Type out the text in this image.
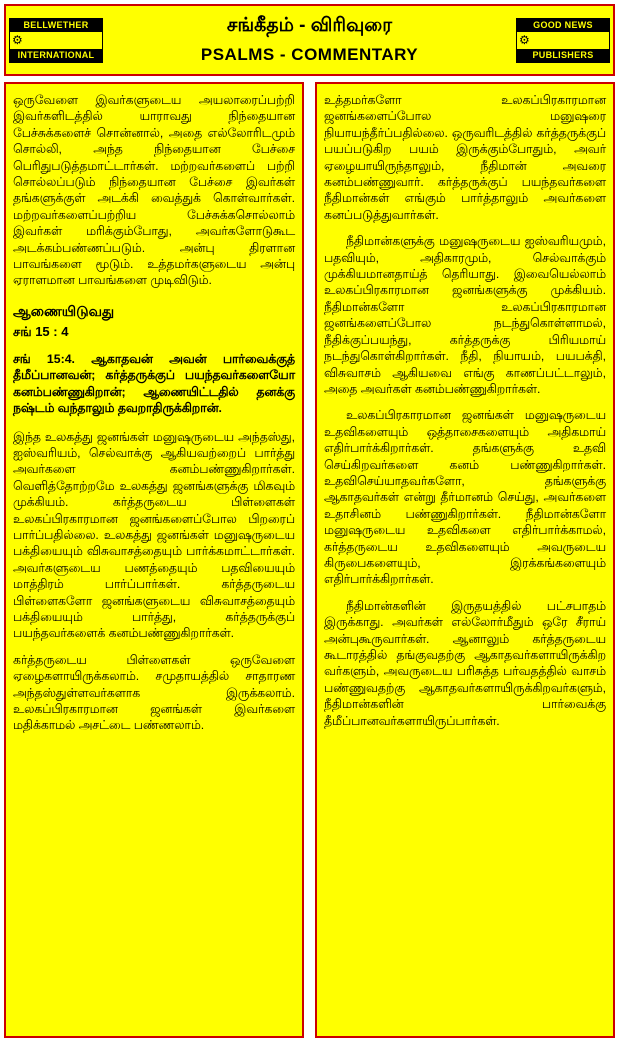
BELLWETHER
⚙
INTERNATIONAL
சங்கீதம் - விரிவுரை
PSALMS - COMMENTARY
GOOD NEWS
⚙
PUBLISHERS

ஒருவேளை இவர்களுடைய அயலாரைப்பற்றி இவர்களிடத்தில் யாராவது நிந்தையான பேச்சுக்களைச் சொன்னால், அதை எல்லோரிடமும் சொல்லி, அந்த நிந்தையான பேச்சை பெரிதுபடுத்தமாட்டார்கள். மற்றவர்களைப் பற்றி சொல்லப்படும் நிந்தையான பேச்சை இவர்கள் தங்களுக்குள் அடக்கி வைத்துக் கொள்வார்கள். மற்றவர்களைப்பற்றிய பேச்சுக்கசொல்லாம் இவர்கள் மரிக்கும்போது, அவர்களோடுகூட அடக்கம்பண்ணப்படும். அன்பு திரளான பாவங்களை மூடும். உத்தமர்களுடைய அன்பு ஏராளமான பாவங்களை முடிவிடும்.

ஆணையிடுவது
சங் 15 : 4
சங் 15:4. ஆகாதவன் அவன் பார்வைக்குத் தீமீப்பானவன்; கர்த்தருக்குப் பயந்தவர்களையோ கனம்பண்ணுகிறான்; ஆணையிட்டதில் தனக்கு நஷ்டம் வந்தாலும் தவறாதிருக்கிறான்.

இந்த உலகத்து ஜனங்கள் மனுஷருடைய அந்தஸ்து, ஐஸ்வரியம், செல்வாக்கு ஆகியவற்றைப் பார்த்து அவர்களை கனம்பண்ணுகிறார்கள். வெளித்தோற்றமே உலகத்து ஜனங்களுக்கு மிகவும் முக்கியம். கர்த்தருடைய பிள்ளைகள் உலகப்பிரகாரமான ஜனங்களைப்போல பிறரைப் பார்ப்பதில்லை. உலகத்து ஜனங்கள் மனுஷருடைய பக்தியையும் விசுவாசத்தையும் பார்க்கமாட்டார்கள். அவர்களுடைய பணத்தையும் பதவியையும் மாத்திரம் பார்ப்பார்கள். கர்த்தருடைய பிள்ளைகளோ ஜனங்களுடைய விசுவாசத்தையும் பக்தியையும் பார்த்து, கர்த்தருக்குப் பயந்தவர்களைக் கனம்பண்ணுகிறார்கள்.

கர்த்தருடைய பிள்ளைகள் ஒருவேளை ஏழைகளாயிருக்கலாம். சமுதாயத்தில் சாதாரண அந்தஸ்துள்ளவர்களாக இருக்கலாம். உலகப்பிரகாரமான ஜனங்கள் இவர்களை மதிக்காமல் அசட்டை பண்ணலாம்.

உத்தமர்களோ உலகப்பிரகாரமான ஜனங்களைப்போல மனுஷரை நியாயந்தீர்ப்பதில்லை. ஒருவரிடத்தில் கர்த்தருக்குப் பயப்படுகிற பயம் இருக்கும்போதும், அவர் ஏழையாயிருந்தாலும், நீதிமான் அவரை கனம்பண்ணுவார். கர்த்தருக்குப் பயந்தவர்களை நீதிமான்கள் எங்கும் பார்த்தாலும் அவர்களை கனப்படுத்துவார்கள்.

நீதிமான்களுக்கு மனுஷருடைய ஐஸ்வரியமும், பதவியும், அதிகாரமும், செல்வாக்கும் முக்கியமானதாய்த் தெரியாது. இவையெல்லாம் உலகப்பிரகாரமான ஜனங்களுக்கு முக்கியம். நீதிமான்களோ உலகப்பிரகாரமான ஜனங்களைப்போல நடந்துகொள்ளாமல், நீதிக்குப்பயந்து, கர்த்தருக்கு பிரியமாய் நடந்துகொள்கிறார்கள். நீதி, நியாயம், பயபக்தி, விசுவாசம் ஆகியவை எங்கு காணப்பட்டாலும், அதை அவர்கள் கனம்பண்ணுகிறார்கள்.

உலகப்பிரகாரமான ஜனங்கள் மனுஷருடைய உதவிகளையும் ஒத்தாசைகளையும் அதிகமாய் எதிர்பார்க்கிறார்கள். தங்களுக்கு உதவி செய்கிறவர்களை கனம் பண்ணுகிறார்கள். உதவிசெய்யாதவர்களோ, தங்களுக்கு ஆகாதவர்கள் என்று தீர்மானம் செய்து, அவர்களை உதாசினம் பண்ணுகிறார்கள். நீதிமான்களோ மனுஷருடைய உதவிகளை எதிர்பார்க்காமல், கர்த்தருடைய உதவிகளையும் அவருடைய கிருபைகளையும், இரக்கங்களையும் எதிர்பார்க்கிறார்கள்.

நீதிமான்களின் இருதயத்தில் பட்சபாதம் இருக்காது. அவர்கள் எல்லோர்மீதும் ஒரே சீராய் அன்புகூருவார்கள். ஆனாலும் கர்த்தருடைய கூடாரத்தில் தங்குவதற்கு ஆகாதவர்களாயிருக்கிற வர்களும், அவருடைய பரிசுத்த பர்வதத்தில் வாசம் பண்ணுவதற்கு ஆகாதவர்களாயிருக்கிறவர்களும், நீதிமான்களின் பார்வைக்கு தீமீப்பானவர்களாயிருப்பார்கள்.
